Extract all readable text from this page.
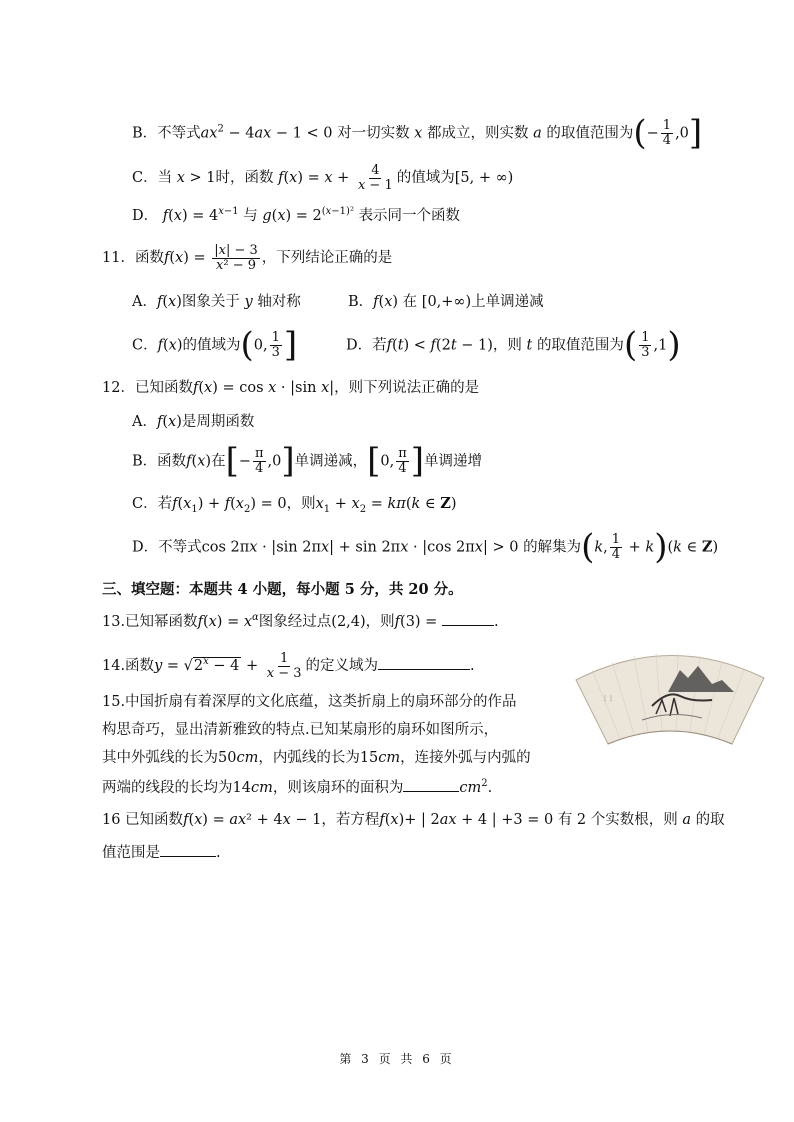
B．不等式$ax^2 - 4ax - 1 < 0$ 对一切实数 x 都成立，则实数 a 的取值范围为(− $\frac{1}{4} ,0$]
C．当 x > 1时，函数 $f(x) = x + \frac{4}{x - 1}$ 的值域为[5, + ∞)
D． $f(x) = 4^{x-1}$ 与 $g(x) = 2^{(x-1)^2}$ 表示同一个函数
11．函数$f(x) = \frac{|x| - 3}{\text{x² − 9}}$ ，下列结论正确的是
A．f(x)图象关于 y 轴对称	B．f(x) 在 [0,+∞)上单调递减
C．f(x)的值域为(0, $\frac{1}{3}$ ]	D．若f(t) < f(2t − 1)，则 t 的取值范围为( $\frac{1}{3} ,1$)
12．已知函数f(x) = cos x · |sin x|，则下列说法正确的是
A．f(x)是周期函数
B．函数f(x)在[− $\frac{\pi}{4} ,0$]单调递减，[0, $\frac{\pi}{4}$ ]单调递增
C．若$f(x_1) + f(x_2) = 0$，则$x_1 + x_2 = k\pi(k$ ∈ Z)
D．不等式cos 2πx · |sin 2πx| + sin 2πx · |cos 2πx| > 0 的解集为(k, $\frac{1}{4} + k)(k$ ∈ Z)
三、填空题：本题共 4 小题，每小题 5 分，共 20 分。
13.已知幂函数$f(x) = x^\alpha$图象经过点(2,4)，则f(3) =	.
14.函数$y = √2^x - 4 + \frac{1}{x - 3}$ 的定义域为	.
15.中国折扇有着深厚的文化底蕴，这类折扇上的扇环部分的作品
构思奇巧，显出清新雅致的特点.已知某扇形的扇环如图所示，
其中外弧线的长为50cm，内弧线的长为15cm，连接外弧与内弧的
两端的线段的长均为14cm，则该扇环的面积为	$cm^2$.
⋮⋮
16 已知函数f(x) = ax² + 4x − 1，若方程f(x)+ | 2ax + 4 | +3 = 0 有 2 个实数根，则 a 的取
值范围是	.
第 3 页 共 6 页
